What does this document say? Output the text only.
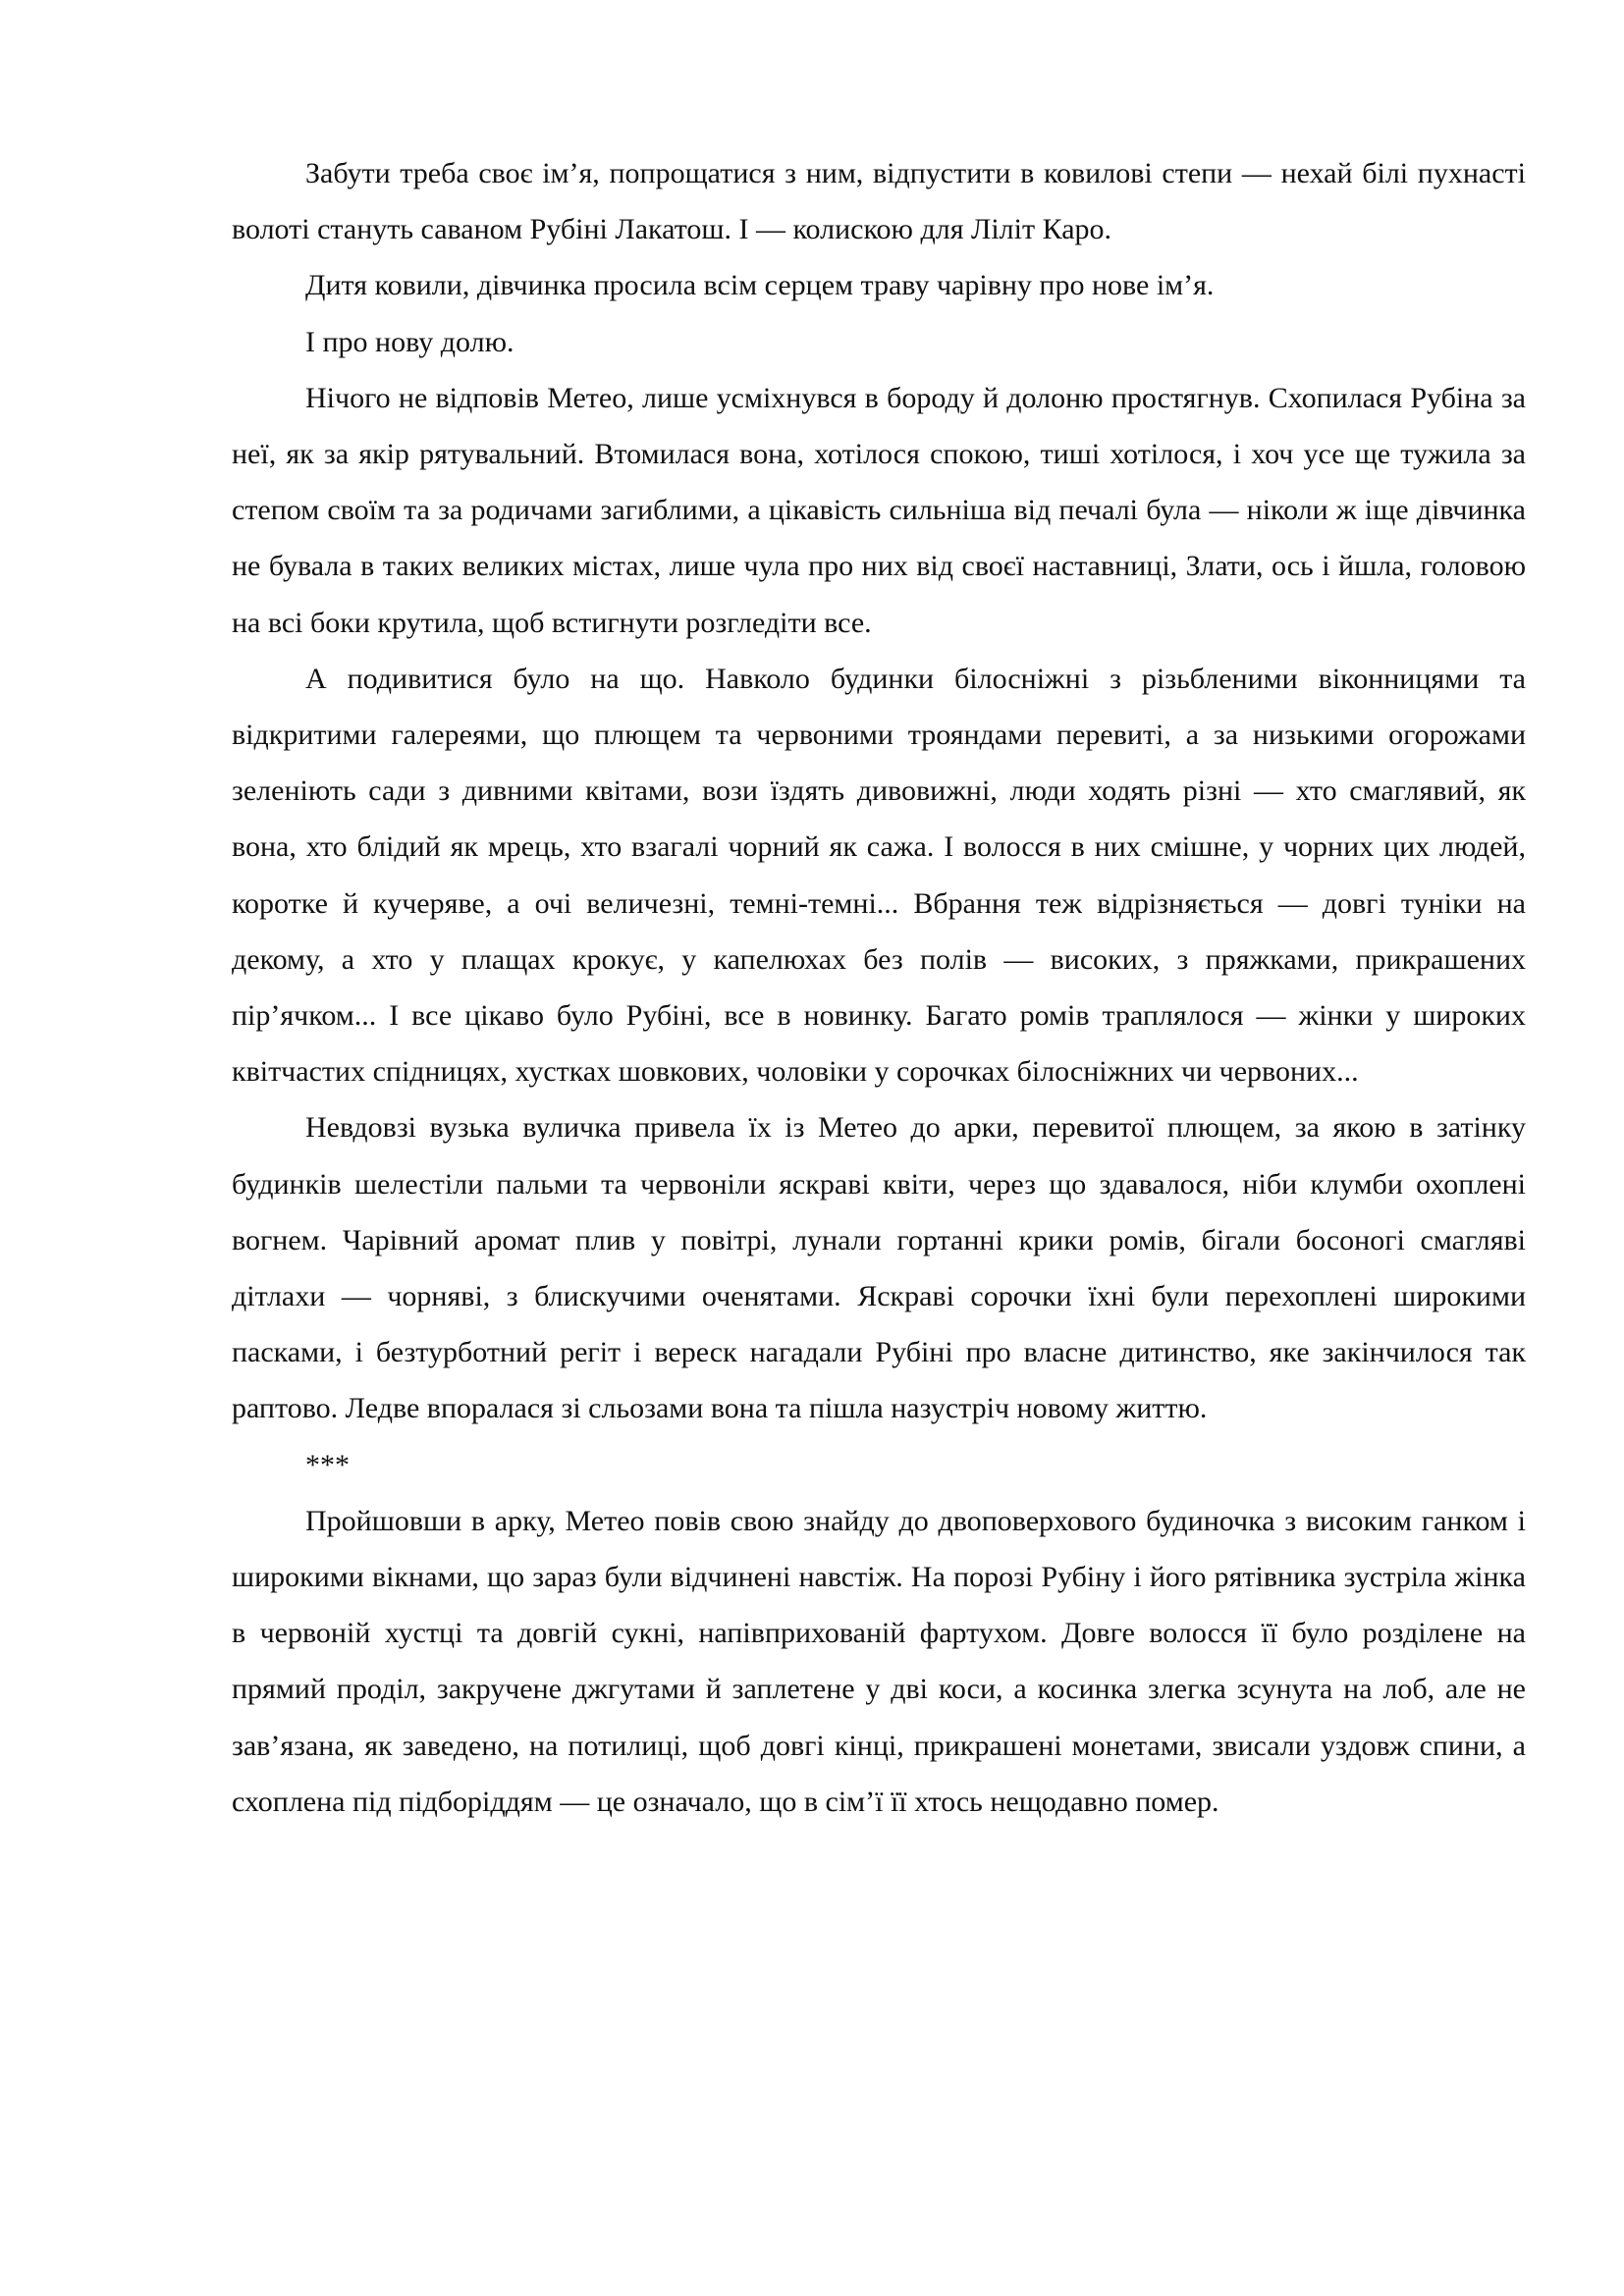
Забути треба своє ім’я, попрощатися з ним, відпустити в ковилові степи — нехай білі пухнасті волоті стануть саваном Рубіні Лакатош. І — колискою для Ліліт Каро.

Дитя ковили, дівчинка просила всім серцем траву чарівну про нове ім’я.

І про нову долю.

Нічого не відповів Метео, лише усміхнувся в бороду й долоню простягнув. Схопилася Рубіна за неї, як за якір рятувальний. Втомилася вона, хотілося спокою, тиші хотілося, і хоч усе ще тужила за степом своїм та за родичами загиблими, а цікавість сильніша від печалі була — ніколи ж іще дівчинка не бувала в таких великих містах, лише чула про них від своєї наставниці, Злати, ось і йшла, головою на всі боки крутила, щоб встигнути розгледіти все.

А подивитися було на що. Навколо будинки білосніжні з різьбленими віконницями та відкритими галереями, що плющем та червоними трояндами перевиті, а за низькими огорожами зеленіють сади з дивними квітами, вози їздять дивовижні, люди ходять різні — хто смаглявий, як вона, хто блідий як мрець, хто взагалі чорний як сажа. І волосся в них смішне, у чорних цих людей, коротке й кучеряве, а очі величезні, темні-темні... Вбрання теж відрізняється — довгі туніки на декому, а хто у плащах крокує, у капелюхах без полів — високих, з пряжками, прикрашених пір’ячком... І все цікаво було Рубіні, все в новинку. Багато ромів траплялося — жінки у широких квітчастих спідницях, хустках шовкових, чоловіки у сорочках білосніжних чи червоних...

Невдовзі вузька вуличка привела їх із Метео до арки, перевитої плющем, за якою в затінку будинків шелестіли пальми та червоніли яскраві квіти, через що здавалося, ніби клумби охоплені вогнем. Чарівний аромат плив у повітрі, лунали гортанні крики ромів, бігали босоногі смагляві дітлахи — чорняві, з блискучими оченятами. Яскраві сорочки їхні були перехоплені широкими пасками, і безтурботний регіт і вереск нагадали Рубіні про власне дитинство, яке закінчилося так раптово. Ледве впоралася зі сльозами вона та пішла назустріч новому життю.

***

Пройшовши в арку, Метео повів свою знайду до двоповерхового будиночка з високим ганком і широкими вікнами, що зараз були відчинені навстіж. На порозі Рубіну і його рятівника зустріла жінка в червоній хустці та довгій сукні, напівприхованій фартухом. Довге волосся її було розділене на прямий проділ, закручене джгутами й заплетене у дві коси, а косинка злегка зсунута на лоб, але не зав’язана, як заведено, на потилиці, щоб довгі кінці, прикрашені монетами, звисали уздовж спини, а схоплена під підборіддям — це означало, що в сім’ї її хтось нещодавно помер.
